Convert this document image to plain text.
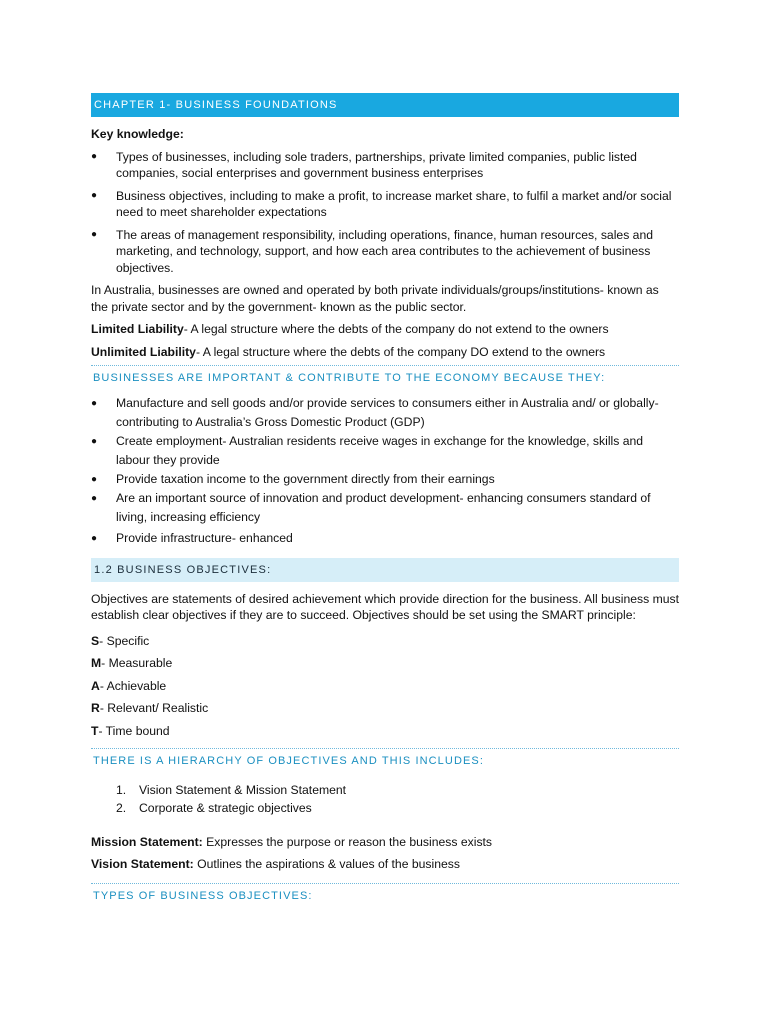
CHAPTER 1- BUSINESS FOUNDATIONS

Key knowledge:

● Types of businesses, including sole traders, partnerships, private limited companies, public listed companies, social enterprises and government business enterprises
● Business objectives, including to make a profit, to increase market share, to fulfil a market and/or social need to meet shareholder expectations
● The areas of management responsibility, including operations, finance, human resources, sales and marketing, and technology, support, and how each area contributes to the achievement of business objectives.

In Australia, businesses are owned and operated by both private individuals/groups/institutions- known as the private sector and by the government- known as the public sector.

Limited Liability- A legal structure where the debts of the company do not extend to the owners

Unlimited Liability- A legal structure where the debts of the company DO extend to the owners

BUSINESSES ARE IMPORTANT & CONTRIBUTE TO THE ECONOMY BECAUSE THEY:
● Manufacture and sell goods and/or provide services to consumers either in Australia and/ or globally- contributing to Australia’s Gross Domestic Product (GDP)
● Create employment- Australian residents receive wages in exchange for the knowledge, skills and labour they provide
● Provide taxation income to the government directly from their earnings
● Are an important source of innovation and product development- enhancing consumers standard of living, increasing efficiency
● Provide infrastructure- enhanced
1.2 BUSINESS OBJECTIVES:

Objectives are statements of desired achievement which provide direction for the business. All business must establish clear objectives if they are to succeed. Objectives should be set using the SMART principle:

S- Specific

M- Measurable

A- Achievable

R- Relevant/ Realistic

T- Time bound

THERE IS A HIERARCHY OF OBJECTIVES AND THIS INCLUDES:
1. Vision Statement & Mission Statement
2. Corporate & strategic objectives

Mission Statement: Expresses the purpose or reason the business exists

Vision Statement: Outlines the aspirations & values of the business

TYPES OF BUSINESS OBJECTIVES:
